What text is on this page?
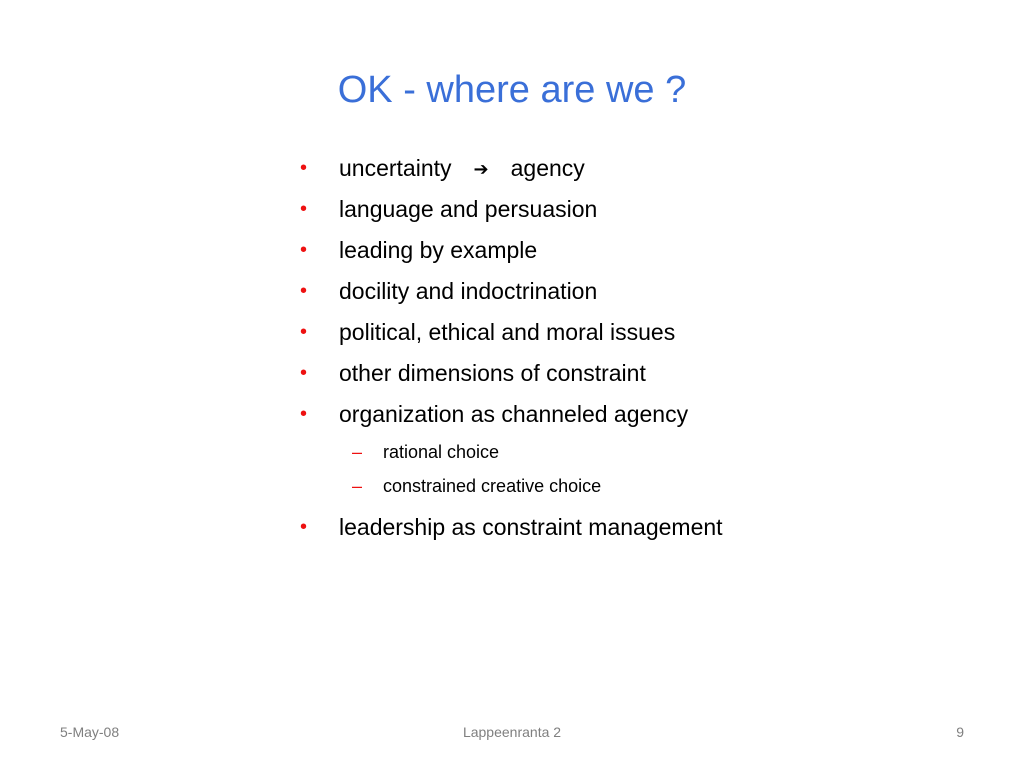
OK - where are we ?
• uncertainty ➔ agency
• language and persuasion
• leading by example
• docility and indoctrination
• political, ethical and moral issues
• other dimensions of constraint
• organization as channeled agency
– rational choice
– constrained creative choice
• leadership as constraint management
5-May-08	Lappeenranta 2	9
